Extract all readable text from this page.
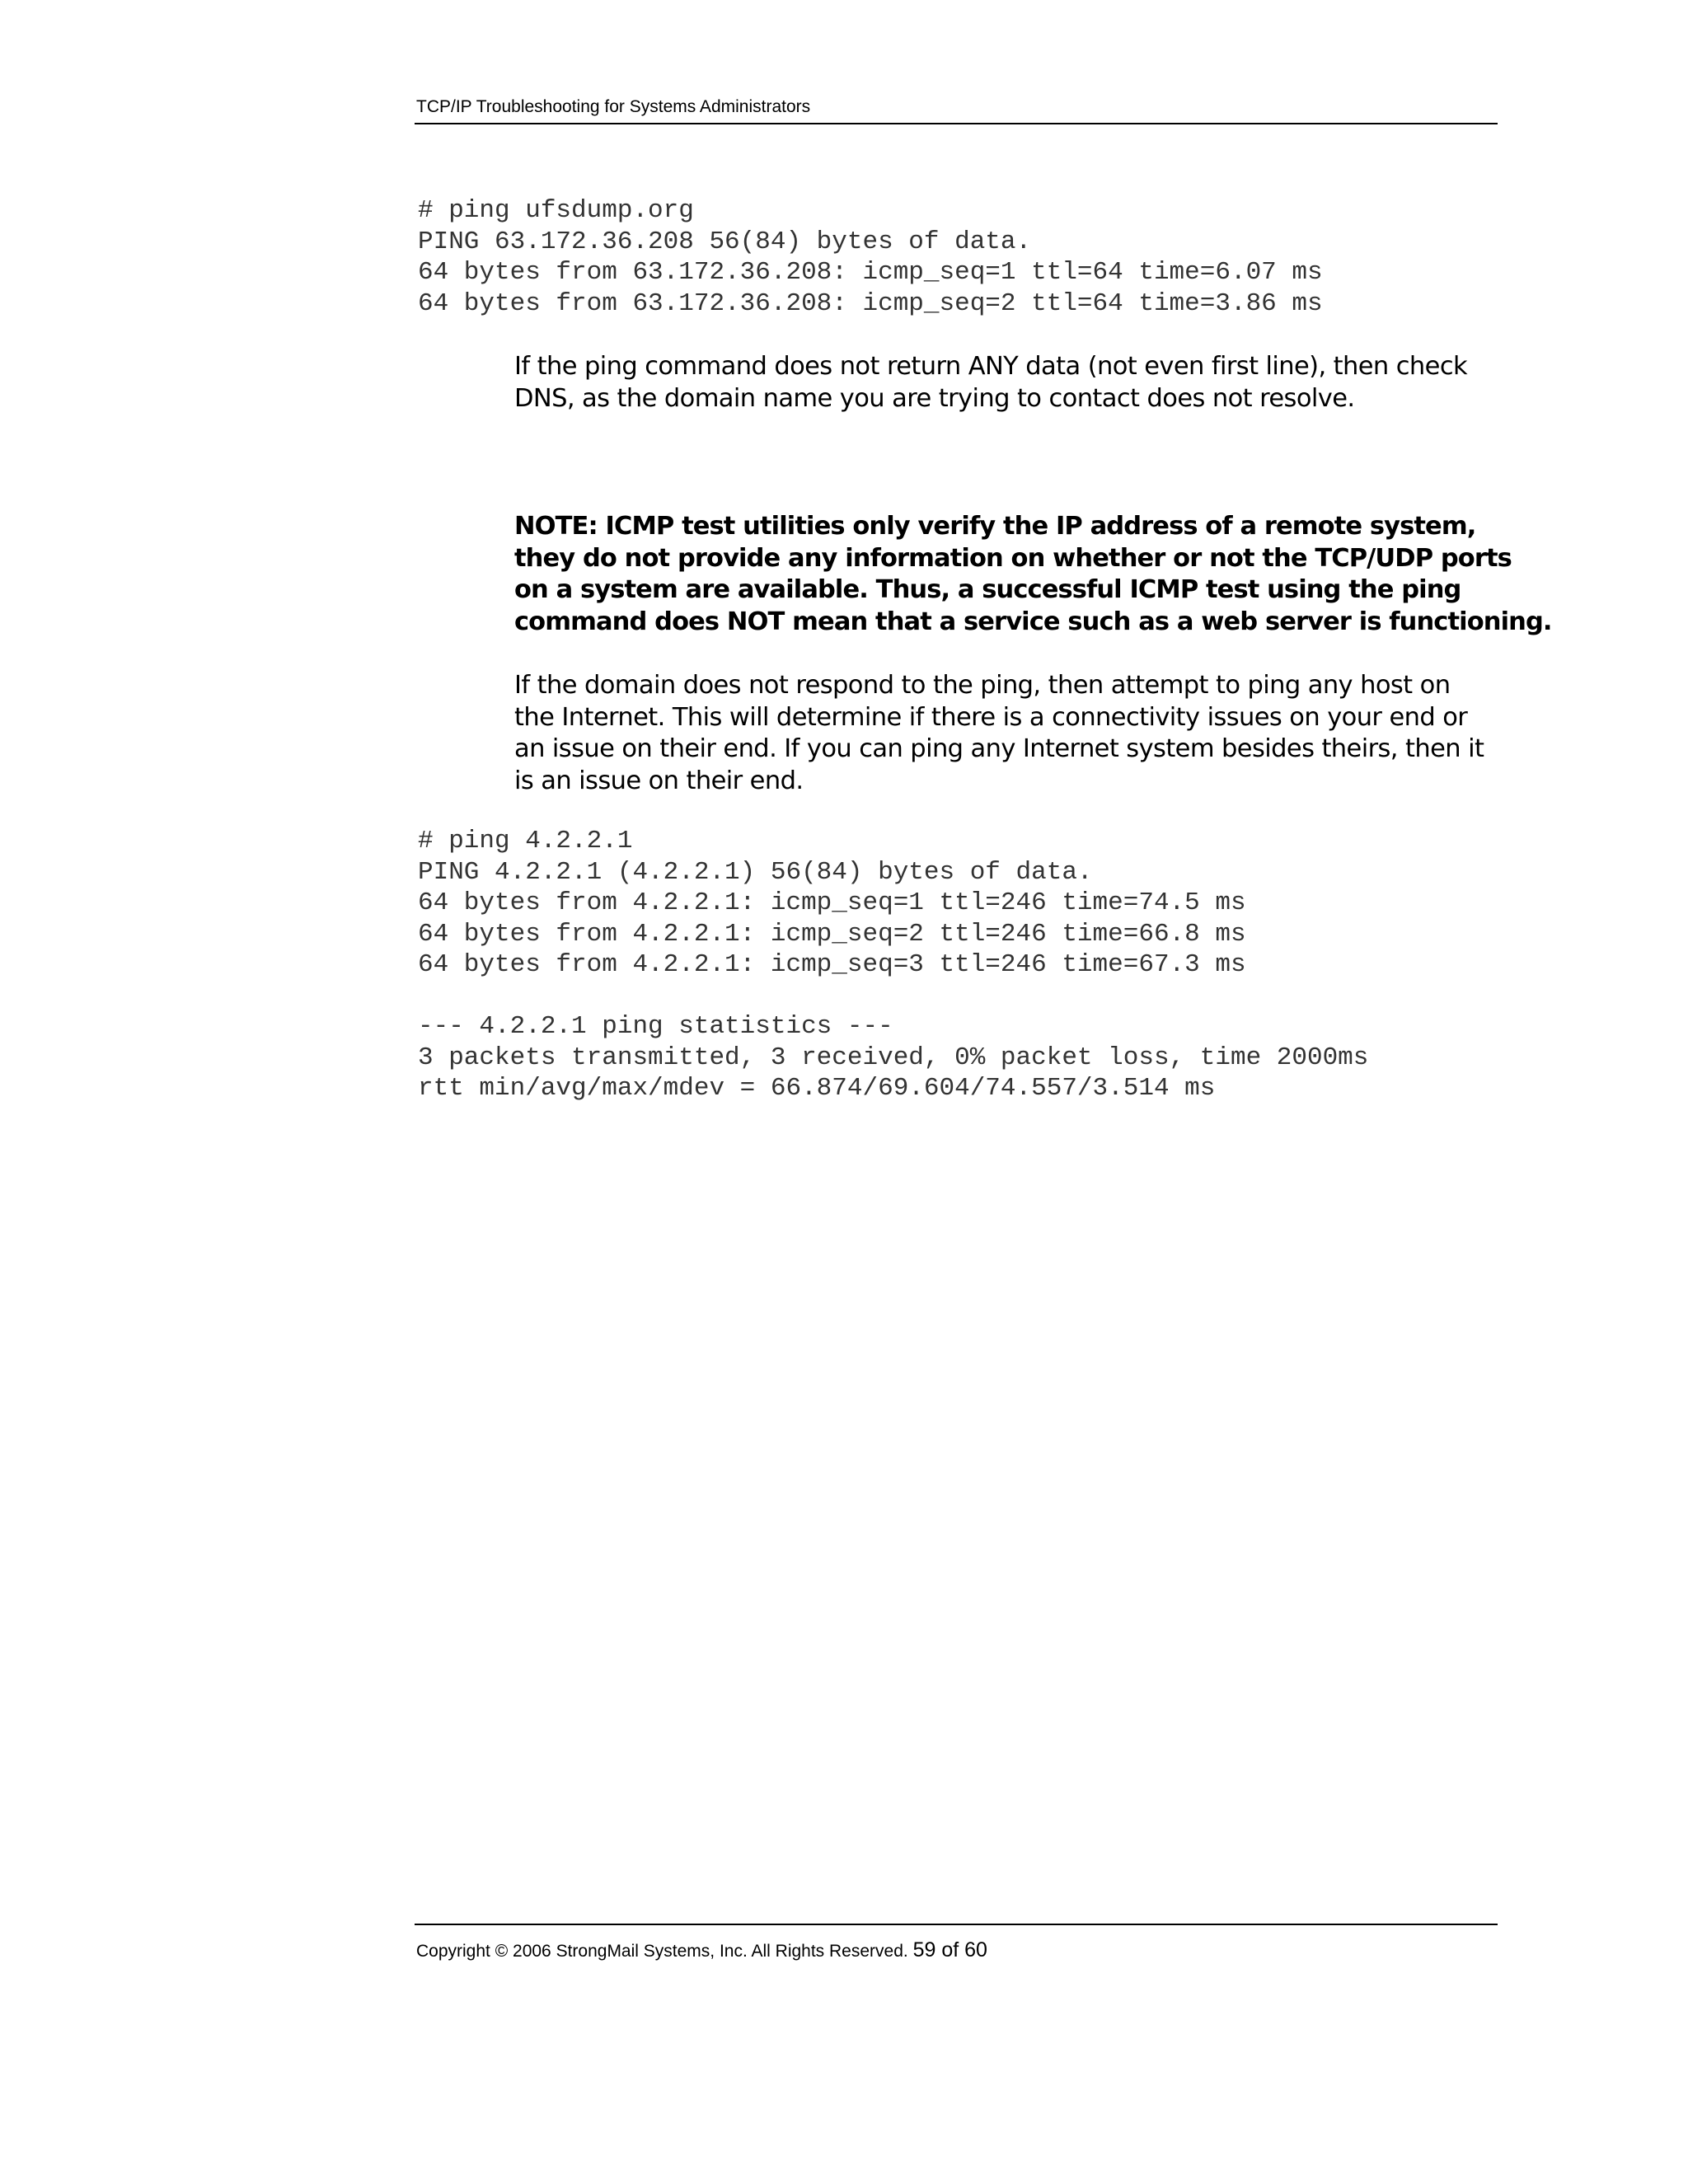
TCP/IP Troubleshooting for Systems Administrators
# ping ufsdump.org
PING 63.172.36.208 56(84) bytes of data.
64 bytes from 63.172.36.208: icmp_seq=1 ttl=64 time=6.07 ms
64 bytes from 63.172.36.208: icmp_seq=2 ttl=64 time=3.86 ms
If the ping command does not return ANY data (not even first line), then check
DNS, as the domain name you are trying to contact does not resolve.
NOTE: ICMP test utilities only verify the IP address of a remote system,
they do not provide any information on whether or not the TCP/UDP ports
on a system are available. Thus, a successful ICMP test using the ping
command does NOT mean that a service such as a web server is functioning.
If the domain does not respond to the ping, then attempt to ping any host on
the Internet. This will determine if there is a connectivity issues on your end or
an issue on their end. If you can ping any Internet system besides theirs, then it
is an issue on their end.
# ping 4.2.2.1
PING 4.2.2.1 (4.2.2.1) 56(84) bytes of data.
64 bytes from 4.2.2.1: icmp_seq=1 ttl=246 time=74.5 ms
64 bytes from 4.2.2.1: icmp_seq=2 ttl=246 time=66.8 ms
64 bytes from 4.2.2.1: icmp_seq=3 ttl=246 time=67.3 ms
--- 4.2.2.1 ping statistics ---
3 packets transmitted, 3 received, 0% packet loss, time 2000ms
rtt min/avg/max/mdev = 66.874/69.604/74.557/3.514 ms
Copyright © 2006 StrongMail Systems, Inc. All Rights Reserved. 59 of 60
